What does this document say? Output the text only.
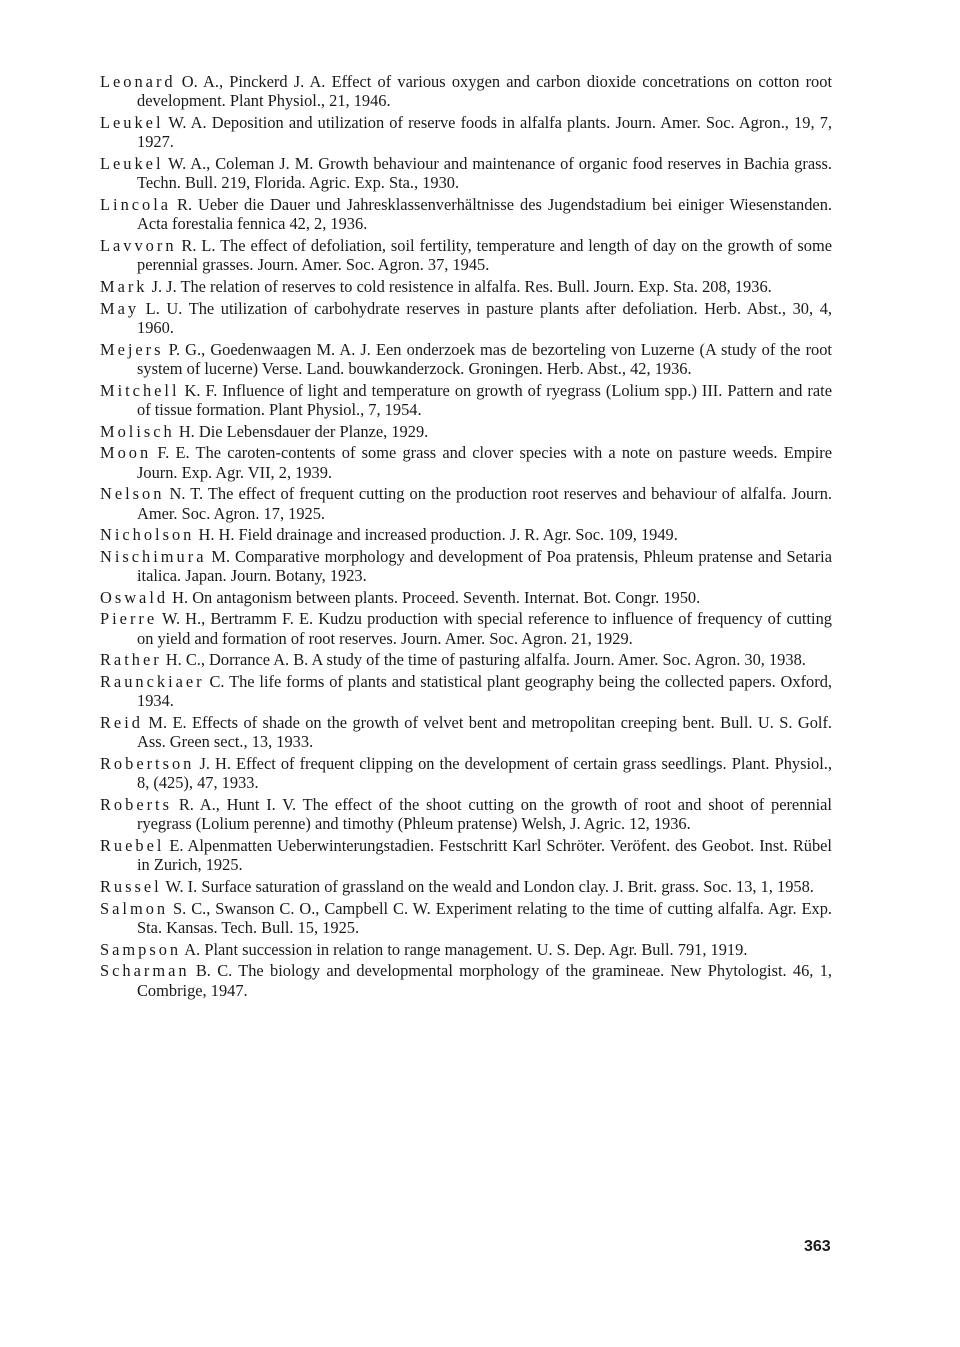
Leonard O. A., Pinckerd J. A. Effect of various oxygen and carbon dioxide concetrations on cotton root development. Plant Physiol., 21, 1946.
Leukel W. A. Deposition and utilization of reserve foods in alfalfa plants. Journ. Amer. Soc. Agron., 19, 7, 1927.
Leukel W. A., Coleman J. M. Growth behaviour and maintenance of organic food reserves in Bachia grass. Techn. Bull. 219, Florida. Agric. Exp. Sta., 1930.
Lincola R. Ueber die Dauer und Jahresklassenverhältnisse des Jugendstadium bei einiger Wiesenstanden. Acta forestalia fennica 42, 2, 1936.
Lavvorn R. L. The effect of defoliation, soil fertility, temperature and length of day on the growth of some perennial grasses. Journ. Amer. Soc. Agron. 37, 1945.
Mark J. J. The relation of reserves to cold resistence in alfalfa. Res. Bull. Journ. Exp. Sta. 208, 1936.
May L. U. The utilization of carbohydrate reserves in pasture plants after defoliation. Herb. Abst., 30, 4, 1960.
Mejers P. G., Goedenwaagen M. A. J. Een onderzoek mas de bezorteling von Luzerne (A study of the root system of lucerne) Verse. Land. bouwkanderzock. Groningen. Herb. Abst., 42, 1936.
Mitchell K. F. Influence of light and temperature on growth of ryegrass (Lolium spp.) III. Pattern and rate of tissue formation. Plant Physiol., 7, 1954.
Molisch H. Die Lebensdauer der Planze, 1929.
Moon F. E. The caroten-contents of some grass and clover species with a note on pasture weeds. Empire Journ. Exp. Agr. VII, 2, 1939.
Nelson N. T. The effect of frequent cutting on the production root reserves and behaviour of alfalfa. Journ. Amer. Soc. Agron. 17, 1925.
Nicholson H. H. Field drainage and increased production. J. R. Agr. Soc. 109, 1949.
Nischimura M. Comparative morphology and development of Poa pratensis, Phleum pratense and Setaria italica. Japan. Journ. Botany, 1923.
Oswald H. On antagonism between plants. Proceed. Seventh. Internat. Bot. Congr. 1950.
Pierre W. H., Bertramm F. E. Kudzu production with special reference to influence of frequency of cutting on yield and formation of root reserves. Journ. Amer. Soc. Agron. 21, 1929.
Rather H. C., Dorrance A. B. A study of the time of pasturing alfalfa. Journ. Amer. Soc. Agron. 30, 1938.
Raunckiaer C. The life forms of plants and statistical plant geography being the collected papers. Oxford, 1934.
Reid M. E. Effects of shade on the growth of velvet bent and metropolitan creeping bent. Bull. U. S. Golf. Ass. Green sect., 13, 1933.
Robertson J. H. Effect of frequent clipping on the development of certain grass seedlings. Plant. Physiol., 8, (425), 47, 1933.
Roberts R. A., Hunt I. V. The effect of the shoot cutting on the growth of root and shoot of perennial ryegrass (Lolium perenne) and timothy (Phleum pratense) Welsh, J. Agric. 12, 1936.
Ruebel E. Alpenmatten Ueberwinterungstadien. Festschritt Karl Schröter. Veröfent. des Geobot. Inst. Rübel in Zurich, 1925.
Russel W. I. Surface saturation of grassland on the weald and London clay. J. Brit. grass. Soc. 13, 1, 1958.
Salmon S. C., Swanson C. O., Campbell C. W. Experiment relating to the time of cutting alfalfa. Agr. Exp. Sta. Kansas. Tech. Bull. 15, 1925.
Sampson A. Plant succession in relation to range management. U. S. Dep. Agr. Bull. 791, 1919.
Scharman B. C. The biology and developmental morphology of the gramineae. New Phytologist. 46, 1, Combrige, 1947.
363
